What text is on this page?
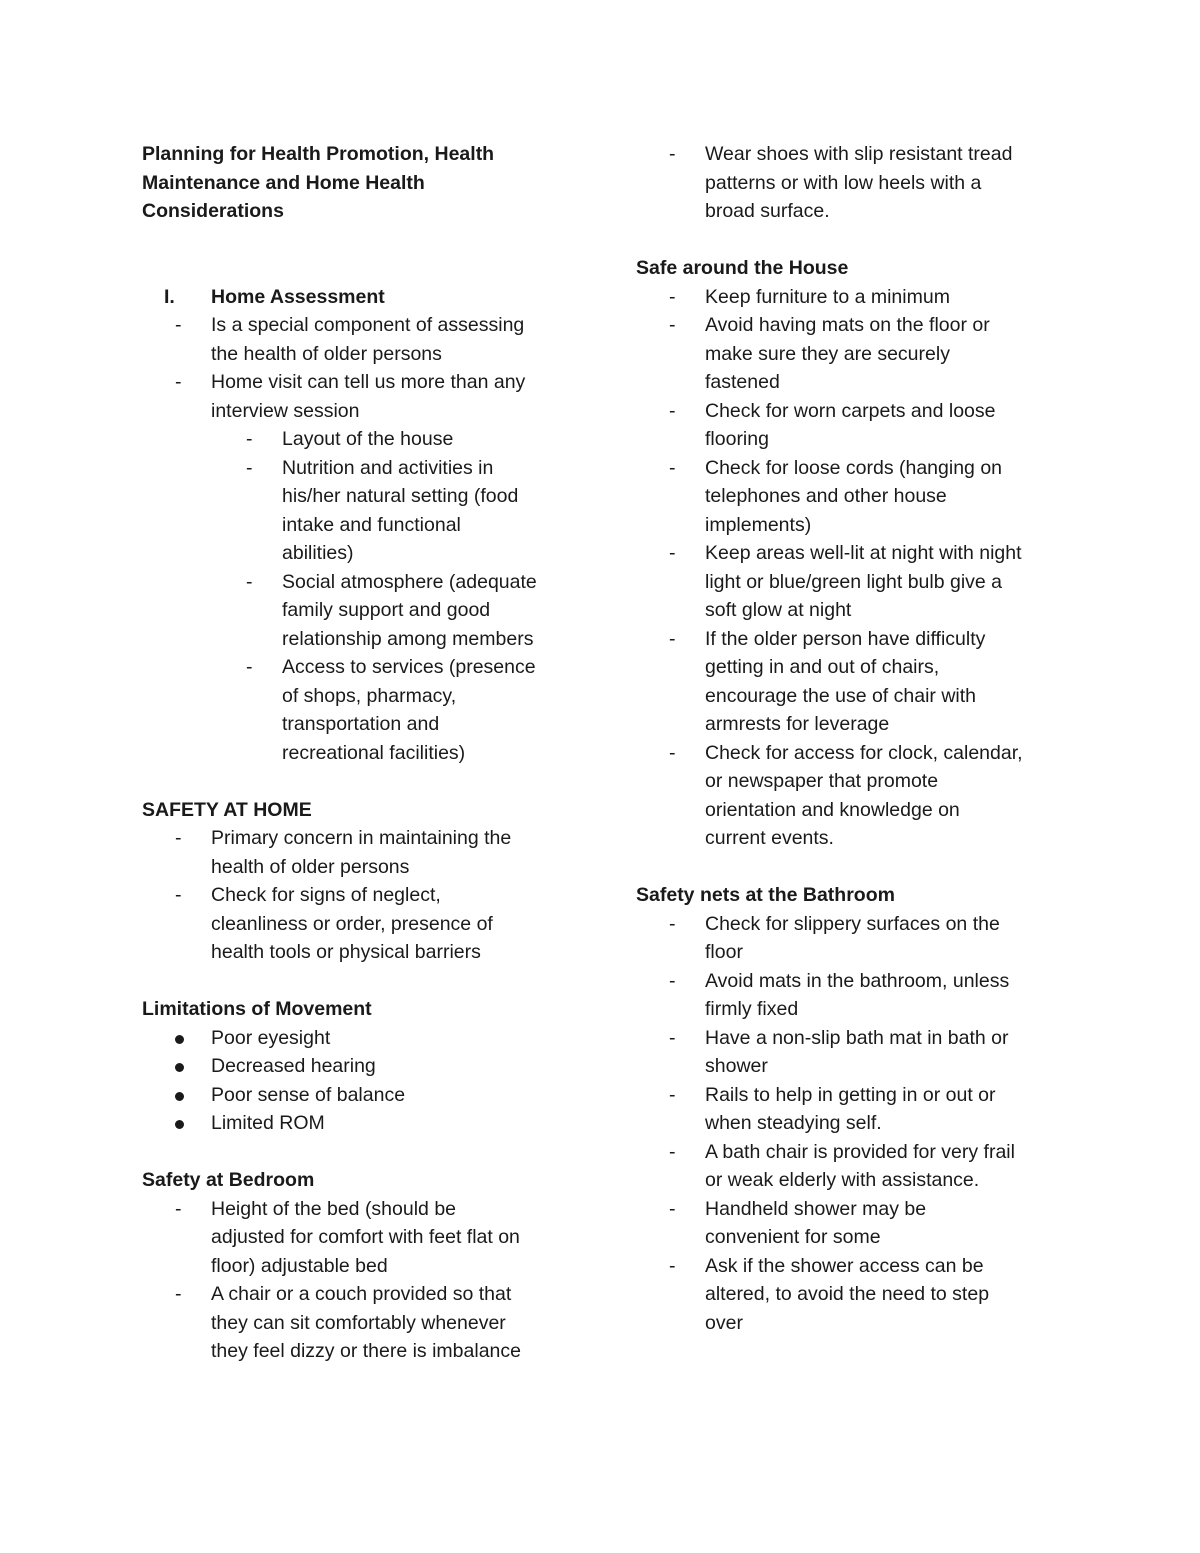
Planning for Health Promotion, Health
Maintenance and Home Health
Considerations
I. Home Assessment
- Is a special component of assessing
the health of older persons
- Home visit can tell us more than any
interview session
- Layout of the house
- Nutrition and activities in
his/her natural setting (food
intake and functional
abilities)
- Social atmosphere (adequate
family support and good
relationship among members
- Access to services (presence
of shops, pharmacy,
transportation and
recreational facilities)
SAFETY AT HOME
- Primary concern in maintaining the
health of older persons
- Check for signs of neglect,
cleanliness or order, presence of
health tools or physical barriers
Limitations of Movement
Poor eyesight
Decreased hearing
Poor sense of balance
Limited ROM
Safety at Bedroom
- Height of the bed (should be
adjusted for comfort with feet flat on
floor) adjustable bed
- A chair or a couch provided so that
they can sit comfortably whenever
they feel dizzy or there is imbalance
- Wear shoes with slip resistant tread
patterns or with low heels with a
broad surface.
Safe around the House
- Keep furniture to a minimum
- Avoid having mats on the floor or
make sure they are securely
fastened
- Check for worn carpets and loose
flooring
- Check for loose cords (hanging on
telephones and other house
implements)
- Keep areas well-lit at night with night
light or blue/green light bulb give a
soft glow at night
- If the older person have difficulty
getting in and out of chairs,
encourage the use of chair with
armrests for leverage
- Check for access for clock, calendar,
or newspaper that promote
orientation and knowledge on
current events.
Safety nets at the Bathroom
- Check for slippery surfaces on the
floor
- Avoid mats in the bathroom, unless
firmly fixed
- Have a non-slip bath mat in bath or
shower
- Rails to help in getting in or out or
when steadying self.
- A bath chair is provided for very frail
or weak elderly with assistance.
- Handheld shower may be
convenient for some
- Ask if the shower access can be
altered, to avoid the need to step
over
